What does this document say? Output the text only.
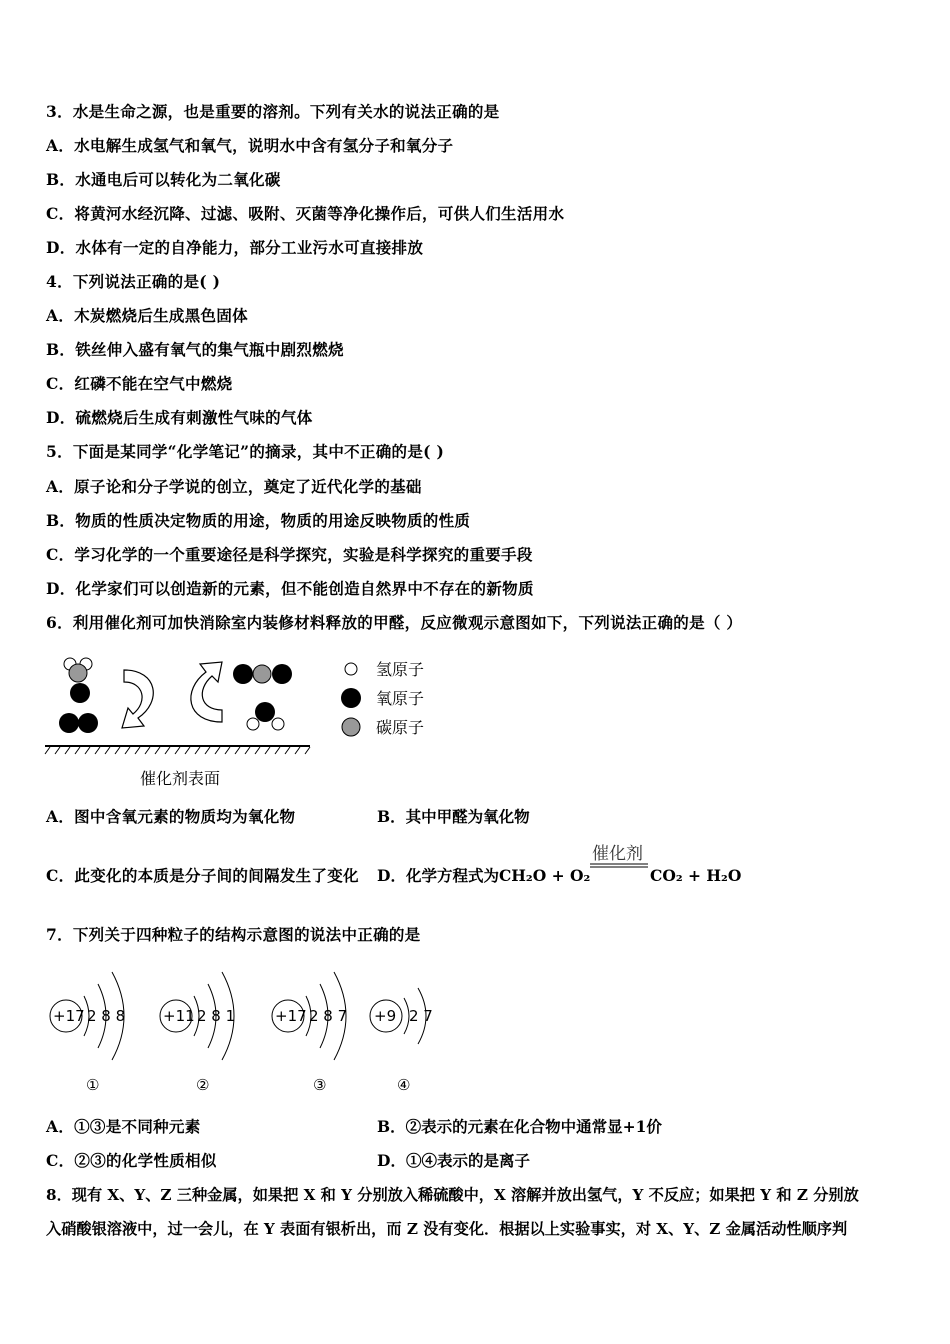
3．水是生命之源，也是重要的溶剂。下列有关水的说法正确的是
A．水电解生成氢气和氧气，说明水中含有氢分子和氧分子
B．水通电后可以转化为二氧化碳
C．将黄河水经沉降、过滤、吸附、灭菌等净化操作后，可供人们生活用水
D．水体有一定的自净能力，部分工业污水可直接排放
4．下列说法正确的是( )
A．木炭燃烧后生成黑色固体
B．铁丝伸入盛有氧气的集气瓶中剧烈燃烧
C．红磷不能在空气中燃烧
D．硫燃烧后生成有刺激性气味的气体
5．下面是某同学“化学笔记”的摘录，其中不正确的是( )
A．原子论和分子学说的创立，奠定了近代化学的基础
B．物质的性质决定物质的用途，物质的用途反映物质的性质
C．学习化学的一个重要途径是科学探究，实验是科学探究的重要手段
D．化学家们可以创造新的元素，但不能创造自然界中不存在的新物质
6．利用催化剂可加快消除室内装修材料释放的甲醛，反应微观示意图如下，下列说法正确的是（ ）
催化剂表面
氢原子
氧原子
碳原子
A．图中含氧元素的物质均为氧化物	B．其中甲醛为氧化物
C．此变化的本质是分子间的间隔发生了变化 D．化学方程式为CH₂O + O₂
催化剂
CO₂ + H₂O
7．下列关于四种粒子的结构示意图的说法中正确的是
+17 2 8 8
①
+11 2 8 1
②
+17 2 8 7
③
+9 2 7
④
A．①③是不同种元素	B．②表示的元素在化合物中通常显+1价
C．②③的化学性质相似	D．①④表示的是离子
8．现有 X、Y、Z 三种金属，如果把 X 和 Y 分别放入稀硫酸中，X 溶解并放出氢气，Y 不反应；如果把 Y 和 Z 分别放
入硝酸银溶液中，过一会儿，在 Y 表面有银析出，而 Z 没有变化．根据以上实验事实，对 X、Y、Z 金属活动性顺序判
